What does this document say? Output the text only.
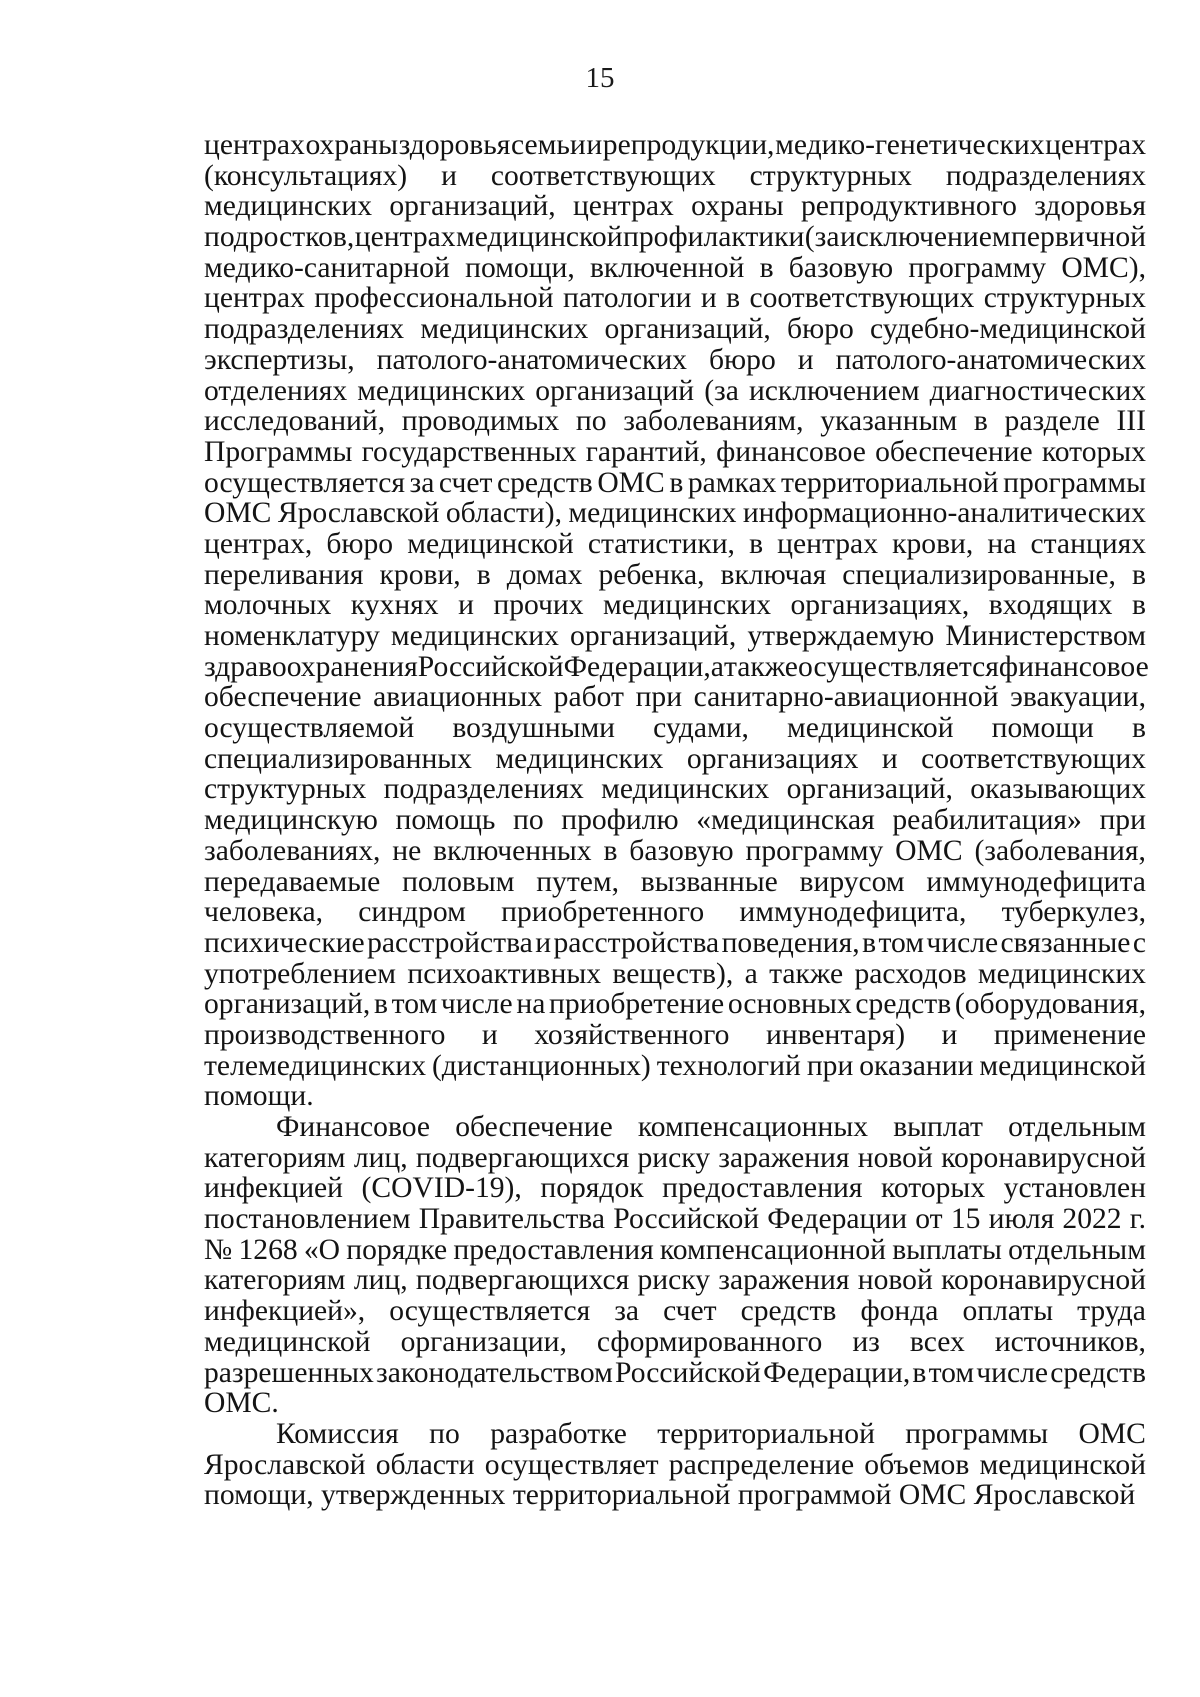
15
центрах охраны здоровья семьи и репродукции, медико-генетических центрах
(консультациях) и соответствующих структурных подразделениях
медицинских организаций, центрах охраны репродуктивного здоровья
подростков, центрах медицинской профилактики (за исключением первичной
медико-санитарной помощи, включенной в базовую программу ОМС),
центрах профессиональной патологии и в соответствующих структурных
подразделениях медицинских организаций, бюро судебно-медицинской
экспертизы, патолого-анатомических бюро и патолого-анатомических
отделениях медицинских организаций (за исключением диагностических
исследований, проводимых по заболеваниям, указанным в разделе III
Программы государственных гарантий, финансовое обеспечение которых
осуществляется за счет средств ОМС в рамках территориальной программы
ОМС Ярославской области), медицинских информационно-аналитических
центрах, бюро медицинской статистики, в центрах крови, на станциях
переливания крови, в домах ребенка, включая специализированные, в
молочных кухнях и прочих медицинских организациях, входящих в
номенклатуру медицинских организаций, утверждаемую Министерством
здравоохранения Российской Федерации, а также осуществляется финансовое
обеспечение авиационных работ при санитарно-авиационной эвакуации,
осуществляемой воздушными судами, медицинской помощи в
специализированных медицинских организациях и соответствующих
структурных подразделениях медицинских организаций, оказывающих
медицинскую помощь по профилю «медицинская реабилитация» при
заболеваниях, не включенных в базовую программу ОМС (заболевания,
передаваемые половым путем, вызванные вирусом иммунодефицита
человека, синдром приобретенного иммунодефицита, туберкулез,
психические расстройства и расстройства поведения, в том числе связанные с
употреблением психоактивных веществ), а также расходов медицинских
организаций, в том числе на приобретение основных средств (оборудования,
производственного и хозяйственного инвентаря) и применение
телемедицинских (дистанционных) технологий при оказании медицинской
помощи.
Финансовое обеспечение компенсационных выплат отдельным
категориям лиц, подвергающихся риску заражения новой коронавирусной
инфекцией (COVID-19), порядок предоставления которых установлен
постановлением Правительства Российской Федерации от 15 июля 2022 г.
№ 1268 «О порядке предоставления компенсационной выплаты отдельным
категориям лиц, подвергающихся риску заражения новой коронавирусной
инфекцией», осуществляется за счет средств фонда оплаты труда
медицинской организации, сформированного из всех источников,
разрешенных законодательством Российской Федерации, в том числе средств
ОМС.
Комиссия по разработке территориальной программы ОМС
Ярославской области осуществляет распределение объемов медицинской
помощи, утвержденных территориальной программой ОМС Ярославской
